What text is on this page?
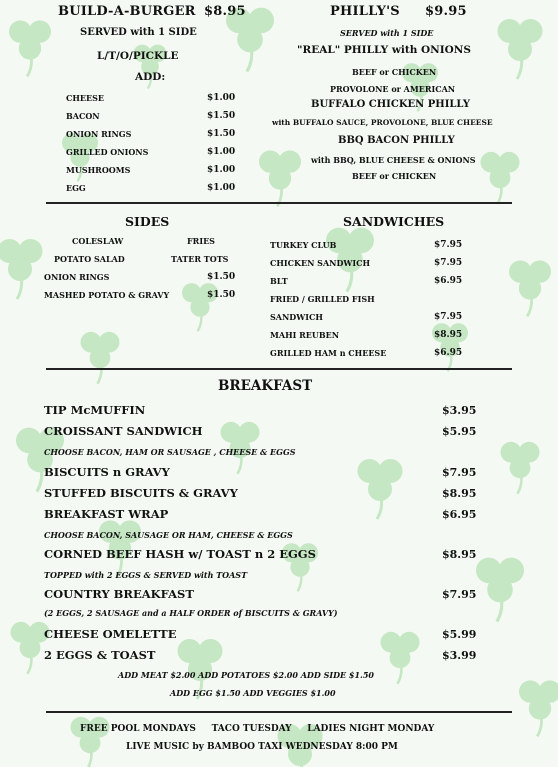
BUILD-A-BURGER $8.95
SERVED with 1 SIDE
L/T/O/PICKLE
ADD:
CHEESE	$1.00
BACON	$1.50
ONION RINGS	$1.50
GRILLED ONIONS	$1.00
MUSHROOMS	$1.00
EGG	$1.00
PHILLY'S $9.95
SERVED with 1 SIDE
"REAL" PHILLY with ONIONS
BEEF or CHICKEN
PROVOLONE or AMERICAN
BUFFALO CHICKEN PHILLY
with BUFFALO SAUCE, PROVOLONE, BLUE CHEESE
BBQ BACON PHILLY
with BBQ, BLUE CHEESE & ONIONS
BEEF or CHICKEN
SIDES
COLESLAW	FRIES
POTATO SALAD	TATER TOTS
ONION RINGS	$1.50
MASHED POTATO & GRAVY	$1.50
SANDWICHES
TURKEY CLUB	$7.95
CHICKEN SANDWICH	$7.95
BLT	$6.95
FRIED / GRILLED FISH
SANDWICH	$7.95
MAHI REUBEN	$8.95
GRILLED HAM n CHEESE	$6.95
BREAKFAST
TIP McMUFFIN	$3.95
CROISSANT SANDWICH	$5.95
CHOOSE BACON, HAM OR SAUSAGE , CHEESE & EGGS
BISCUITS n GRAVY	$7.95
STUFFED BISCUITS & GRAVY	$8.95
BREAKFAST WRAP	$6.95
CHOOSE BACON, SAUSAGE OR HAM, CHEESE & EGGS
CORNED BEEF HASH w/ TOAST n 2 EGGS	$8.95
TOPPED with 2 EGGS & SERVED with TOAST
COUNTRY BREAKFAST	$7.95
(2 EGGS, 2 SAUSAGE and a HALF ORDER of BISCUITS & GRAVY)
CHEESE OMELETTE	$5.99
2 EGGS & TOAST	$3.99
ADD MEAT $2.00 ADD POTATOES $2.00 ADD SIDE $1.50
ADD EGG $1.50 ADD VEGGIES $1.00
FREE POOL MONDAYS     TACO TUESDAY     LADIES NIGHT MONDAY
LIVE MUSIC by BAMBOO TAXI WEDNESDAY 8:00 PM
